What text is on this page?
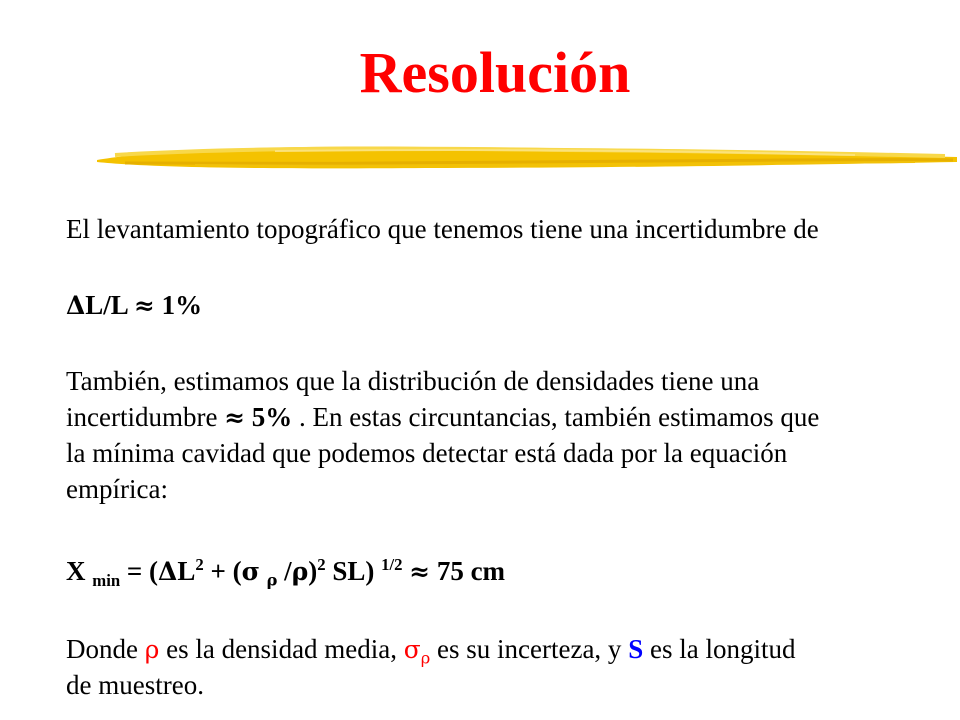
Resolución
El levantamiento topográfico que tenemos tiene una incertidumbre de
ΔL/L ≈ 1%
También, estimamos que la distribución de densidades tiene una
incertidumbre ≈ 5% . En estas circuntancias, también estimamos que
la mínima cavidad que podemos detectar está dada por la equación
empírica:
X $_{min} = (\Delta L^2 + (\sigma$ $_\rho$ /ρ)$^2$ SL) $^{1/2}$ ≈ 75 cm
Donde ρ es la densidad media, $\sigma_\rho$ es su incerteza, y S es la longitud
de muestreo.
